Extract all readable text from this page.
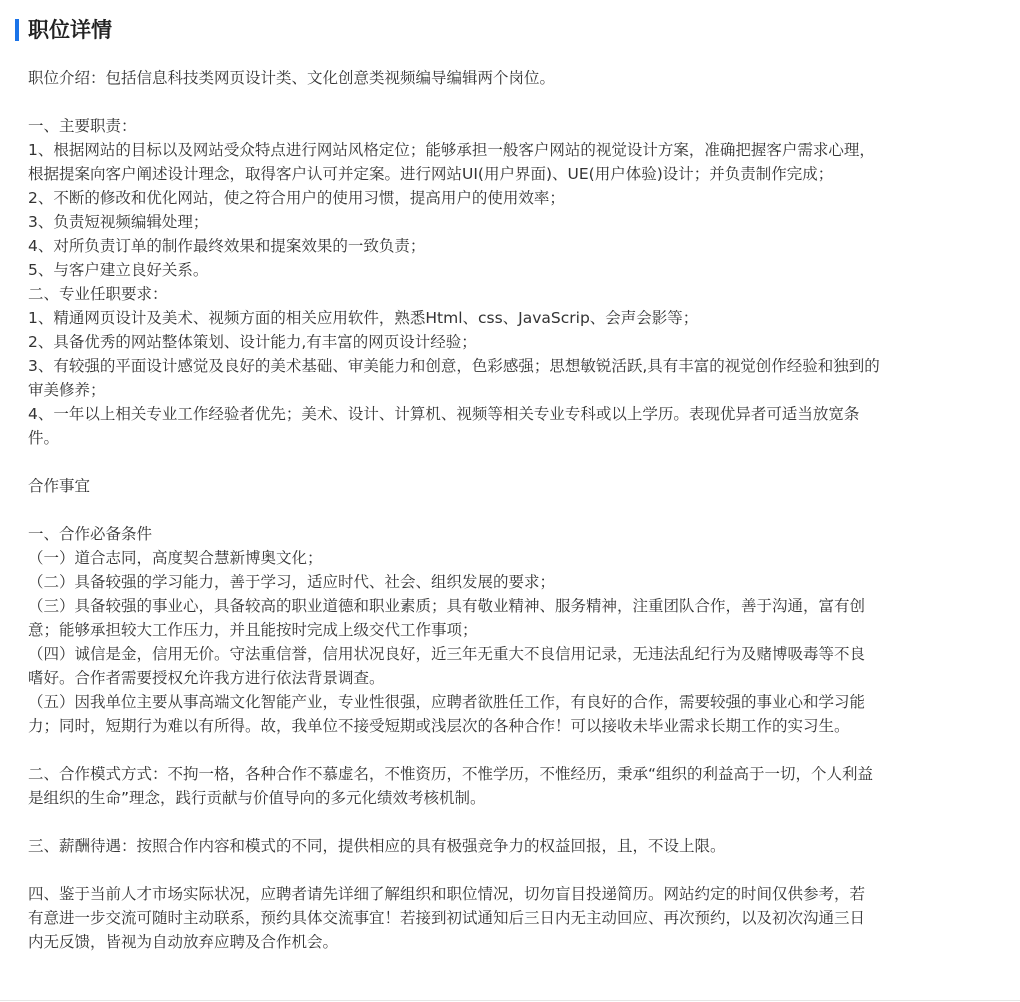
职位详情
职位介绍：包括信息科技类网页设计类、文化创意类视频编导编辑两个岗位。
一、主要职责：
1、根据网站的目标以及网站受众特点进行网站风格定位；能够承担一般客户网站的视觉设计方案，准确把握客户需求心理，
根据提案向客户阐述设计理念，取得客户认可并定案。进行网站UI(用户界面)、UE(用户体验)设计；并负责制作完成；
2、不断的修改和优化网站，使之符合用户的使用习惯，提高用户的使用效率；
3、负责短视频编辑处理；
4、对所负责订单的制作最终效果和提案效果的一致负责；
5、与客户建立良好关系。
二、专业任职要求：
1、精通网页设计及美术、视频方面的相关应用软件，熟悉Html、css、JavaScrip、会声会影等；
2、具备优秀的网站整体策划、设计能力,有丰富的网页设计经验；
3、有较强的平面设计感觉及良好的美术基础、审美能力和创意，色彩感强；思想敏锐活跃,具有丰富的视觉创作经验和独到的
审美修养；
4、一年以上相关专业工作经验者优先；美术、设计、计算机、视频等相关专业专科或以上学历。表现优异者可适当放宽条
件。
合作事宜
一、合作必备条件
（一）道合志同，高度契合慧新博奥文化；
（二）具备较强的学习能力，善于学习，适应时代、社会、组织发展的要求；
（三）具备较强的事业心，具备较高的职业道德和职业素质；具有敬业精神、服务精神，注重团队合作，善于沟通，富有创
意；能够承担较大工作压力，并且能按时完成上级交代工作事项；
（四）诚信是金，信用无价。守法重信誉，信用状况良好，近三年无重大不良信用记录，无违法乱纪行为及赌博吸毒等不良
嗜好。合作者需要授权允许我方进行依法背景调查。
（五）因我单位主要从事高端文化智能产业，专业性很强，应聘者欲胜任工作，有良好的合作，需要较强的事业心和学习能
力；同时，短期行为难以有所得。故，我单位不接受短期或浅层次的各种合作！可以接收未毕业需求长期工作的实习生。
二、合作模式方式：不拘一格，各种合作不慕虚名，不惟资历，不惟学历，不惟经历，秉承“组织的利益高于一切，个人利益
是组织的生命”理念，践行贡献与价值导向的多元化绩效考核机制。
三、薪酬待遇：按照合作内容和模式的不同，提供相应的具有极强竞争力的权益回报，且，不设上限。
四、鉴于当前人才市场实际状况，应聘者请先详细了解组织和职位情况，切勿盲目投递简历。网站约定的时间仅供参考，若
有意进一步交流可随时主动联系，预约具体交流事宜！若接到初试通知后三日内无主动回应、再次预约，以及初次沟通三日
内无反馈，皆视为自动放弃应聘及合作机会。
